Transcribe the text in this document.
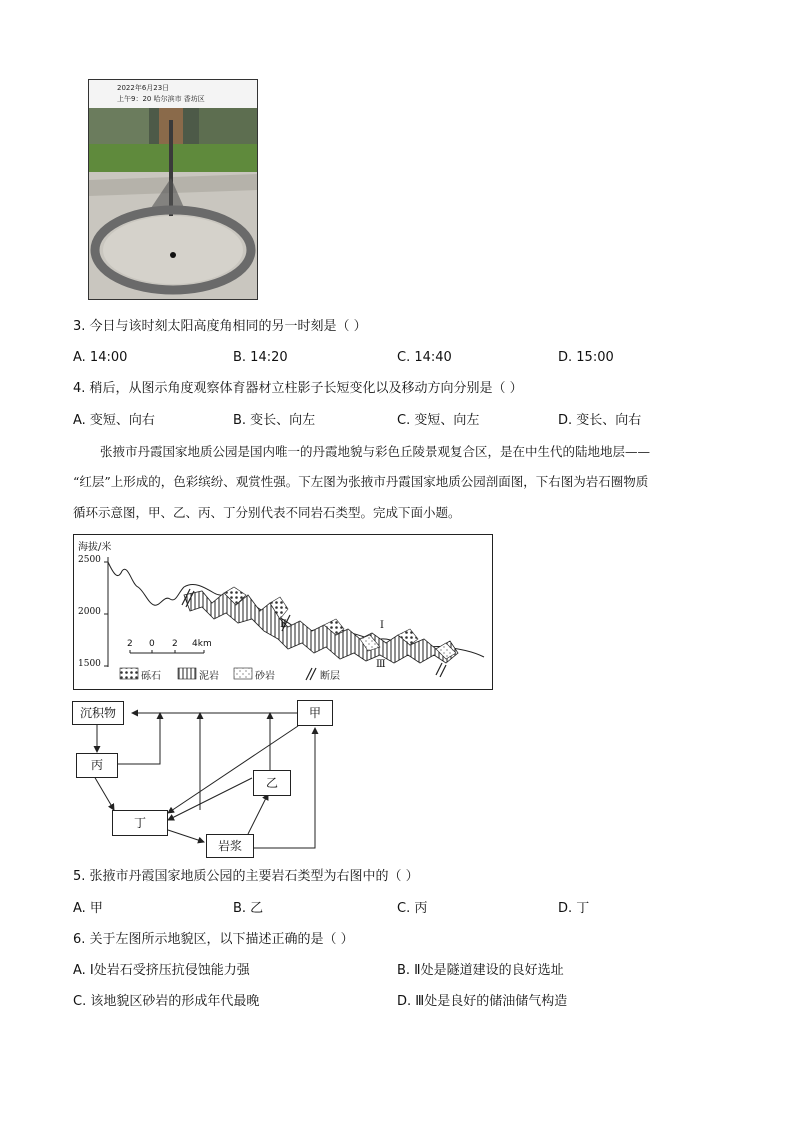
2022年6月23日
上午9：20 哈尔滨市 香坊区
3. 今日与该时刻太阳高度角相同的另一时刻是（ ）
A. 14:00	B. 14:20	C. 14:40	D. 15:00
4. 稍后，从图示角度观察体育器材立柱影子长短变化以及移动方向分别是（ ）
A. 变短、向右	B. 变长、向左	C. 变短、向左	D. 变长、向右
张掖市丹霞国家地质公园是国内唯一的丹霞地貌与彩色丘陵景观复合区，是在中生代的陆地地层——
“红层”上形成的，色彩缤纷、观赏性强。下左图为张掖市丹霞国家地质公园剖面图，下右图为岩石圈物质
循环示意图，甲、乙、丙、丁分别代表不同岩石类型。完成下面小题。
海拔/米
2500
2000
1500
2 0 2 4km
Ⅰ
Ⅱ
Ⅲ
砾石	泥岩	砂岩	断层
沉积物	甲
丙
乙
丁
岩浆
5. 张掖市丹霞国家地质公园的主要岩石类型为右图中的（ ）
A. 甲	B. 乙	C. 丙	D. 丁
6. 关于左图所示地貌区，以下描述正确的是（ ）
A. Ⅰ处岩石受挤压抗侵蚀能力强	B. Ⅱ处是隧道建设的良好选址
C. 该地貌区砂岩的形成年代最晚	D. Ⅲ处是良好的储油储气构造
